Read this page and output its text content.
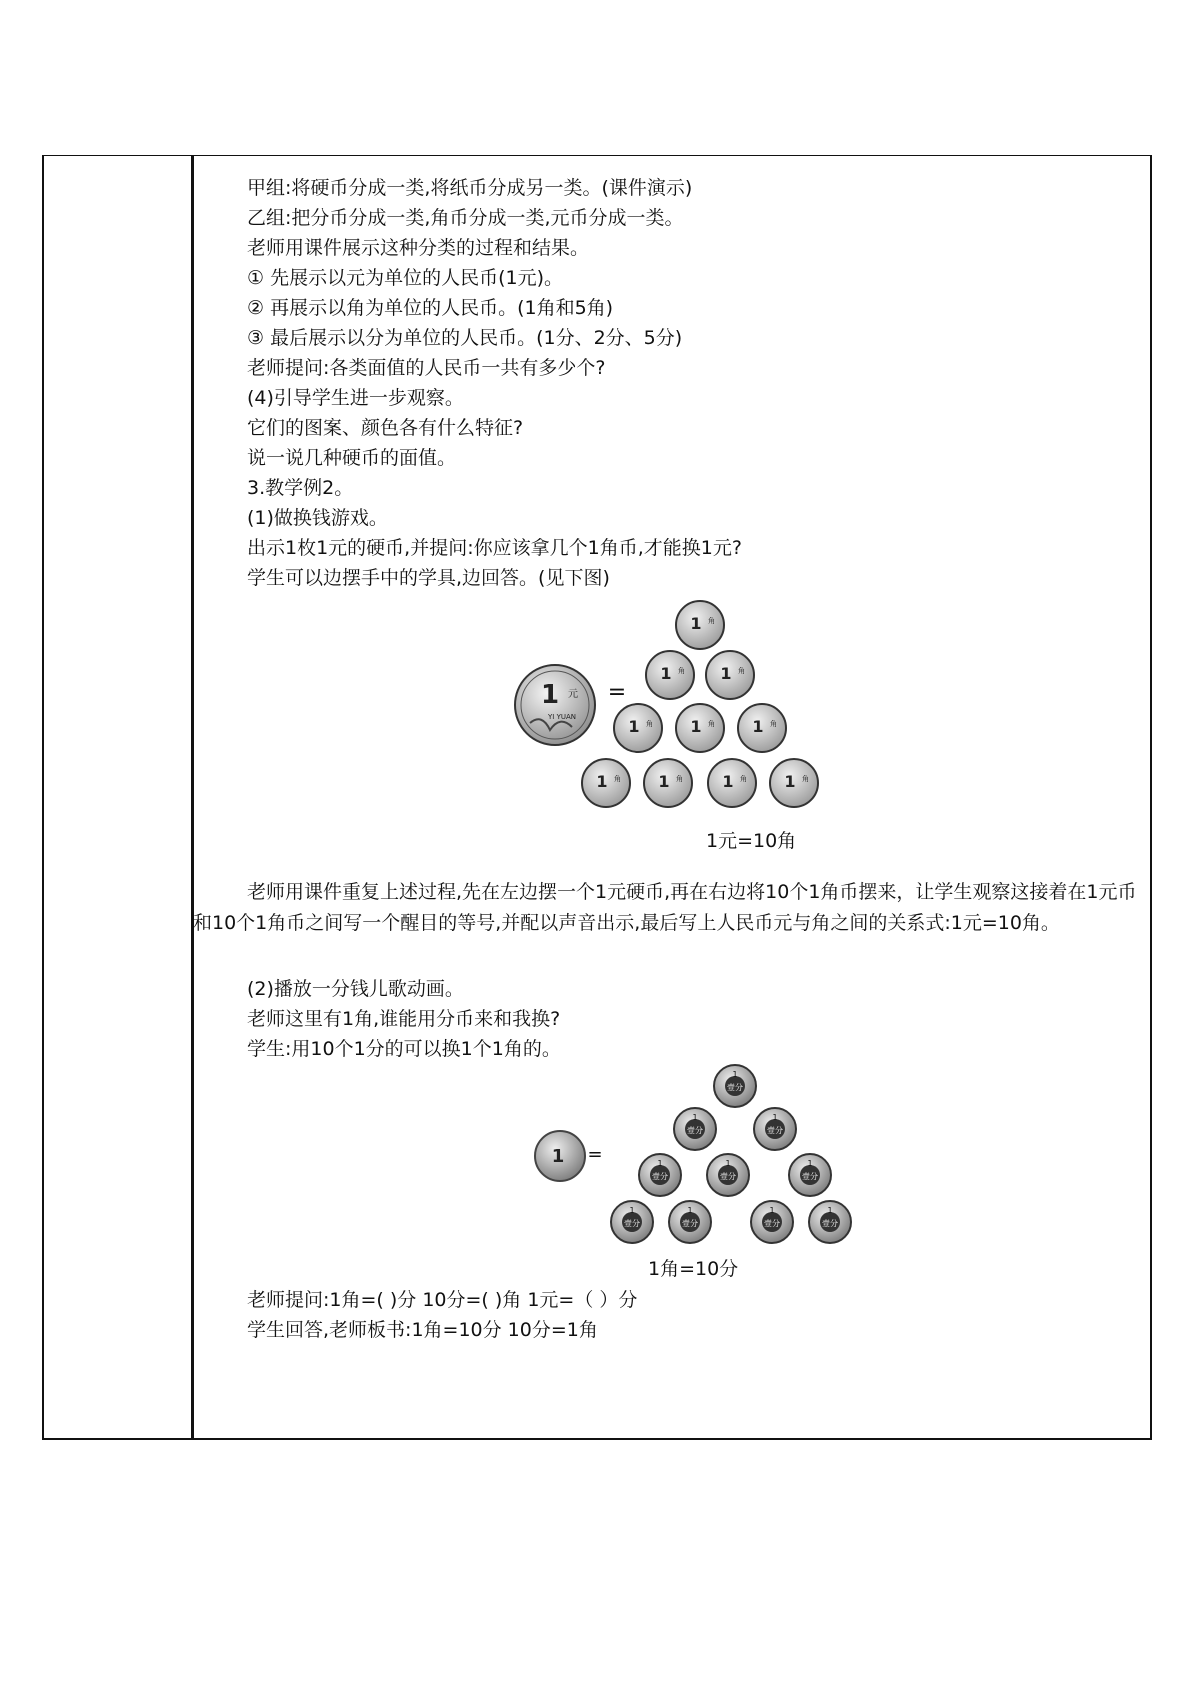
甲组:将硬币分成一类,将纸币分成另一类。(课件演示)
乙组:把分币分成一类,角币分成一类,元币分成一类。
老师用课件展示这种分类的过程和结果。
① 先展示以元为单位的人民币(1元)。
② 再展示以角为单位的人民币。(1角和5角)
③ 最后展示以分为单位的人民币。(1分、2分、5分)
老师提问:各类面值的人民币一共有多少个?
(4)引导学生进一步观察。
它们的图案、颜色各有什么特征?
说一说几种硬币的面值。
3.教学例2。
(1)做换钱游戏。
出示1枚1元的硬币,并提问:你应该拿几个1角币,才能换1元?
学生可以边摆手中的学具,边回答。(见下图)
1 元
YI YUAN
=
1 角
1 角 1 角
1 角 1 角 1 角
1 角 1 角 1 角 1 角
1元=10角
老师用课件重复上述过程,先在左边摆一个1元硬币,再在右边将10个1角币摆来，让学生观察这接着在1元币和10个1角币之间写一个醒目的等号,并配以声音出示,最后写上人民币元与角之间的关系式:1元=10角。
(2)播放一分钱儿歌动画。
老师这里有1角,谁能用分币来和我换?
学生:用10个1分的可以换1个1角的。
1 =
1
壹分
1
壹分
1
壹分
1
壹分
1
壹分
1
壹分
1
壹分
1
壹分
1
壹分
1
壹分
1角=10分
老师提问:1角=( )分 10分=( )角 1元=（ ）分
学生回答,老师板书:1角=10分 10分=1角
